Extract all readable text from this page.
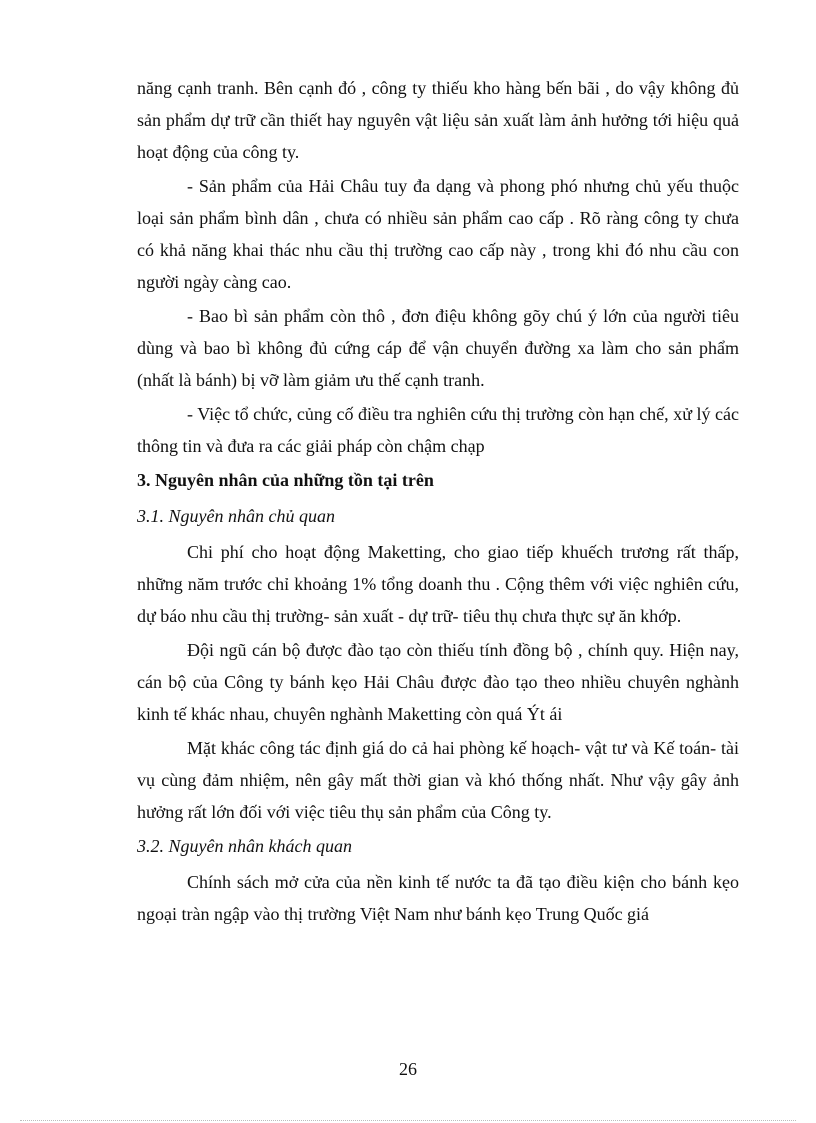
năng cạnh tranh. Bên cạnh đó , công ty thiếu kho hàng bến bãi , do vậy không đủ sản phẩm dự trữ cần thiết hay nguyên vật liệu sản xuất làm ảnh hưởng tới hiệu quả hoạt động của công ty.

- Sản phẩm của Hải Châu tuy đa dạng và phong phó nhưng chủ yếu thuộc loại sản phẩm bình dân , chưa có nhiều sản phẩm cao cấp . Rõ ràng công ty chưa có khả năng khai thác nhu cầu thị trường cao cấp này , trong khi đó nhu cầu con người ngày càng cao.

- Bao bì sản phẩm còn thô , đơn điệu không gõy chú ý lớn của người tiêu dùng và bao bì không đủ cứng cáp để vận chuyển đường xa làm cho sản phẩm (nhất là bánh) bị vỡ làm giảm ưu thế cạnh tranh.

- Việc tổ chức, củng cố điều tra nghiên cứu thị trường còn hạn chế, xử lý các thông tin và đưa ra các giải pháp còn chậm chạp

3. Nguyên nhân của những tồn tại trên
3.1. Nguyên nhân chủ quan

Chi phí cho hoạt động Maketting, cho giao tiếp khuếch trương rất thấp, những năm trước chỉ khoảng 1% tổng doanh thu . Cộng thêm với việc nghiên cứu, dự báo nhu cầu thị trường- sản xuất - dự trữ- tiêu thụ chưa thực sự ăn khớp.

Đội ngũ cán bộ được đào tạo còn thiếu tính đồng bộ , chính quy. Hiện nay, cán bộ của Công ty bánh kẹo Hải Châu được đào tạo theo nhiều chuyên nghành kinh tế khác nhau, chuyên nghành Maketting còn quá Ýt ái

Mặt khác công tác định giá do cả hai phòng kế hoạch- vật tư và Kế toán- tài vụ cùng đảm nhiệm, nên gây mất thời gian và khó thống nhất. Như vậy gây ảnh hưởng rất lớn đối với việc tiêu thụ sản phẩm của Công ty.

3.2. Nguyên nhân khách quan

Chính sách mở cửa của nền kinh tế nước ta đã tạo điều kiện cho bánh kẹo ngoại tràn ngập vào thị trường Việt Nam như bánh kẹo Trung Quốc giá

26
